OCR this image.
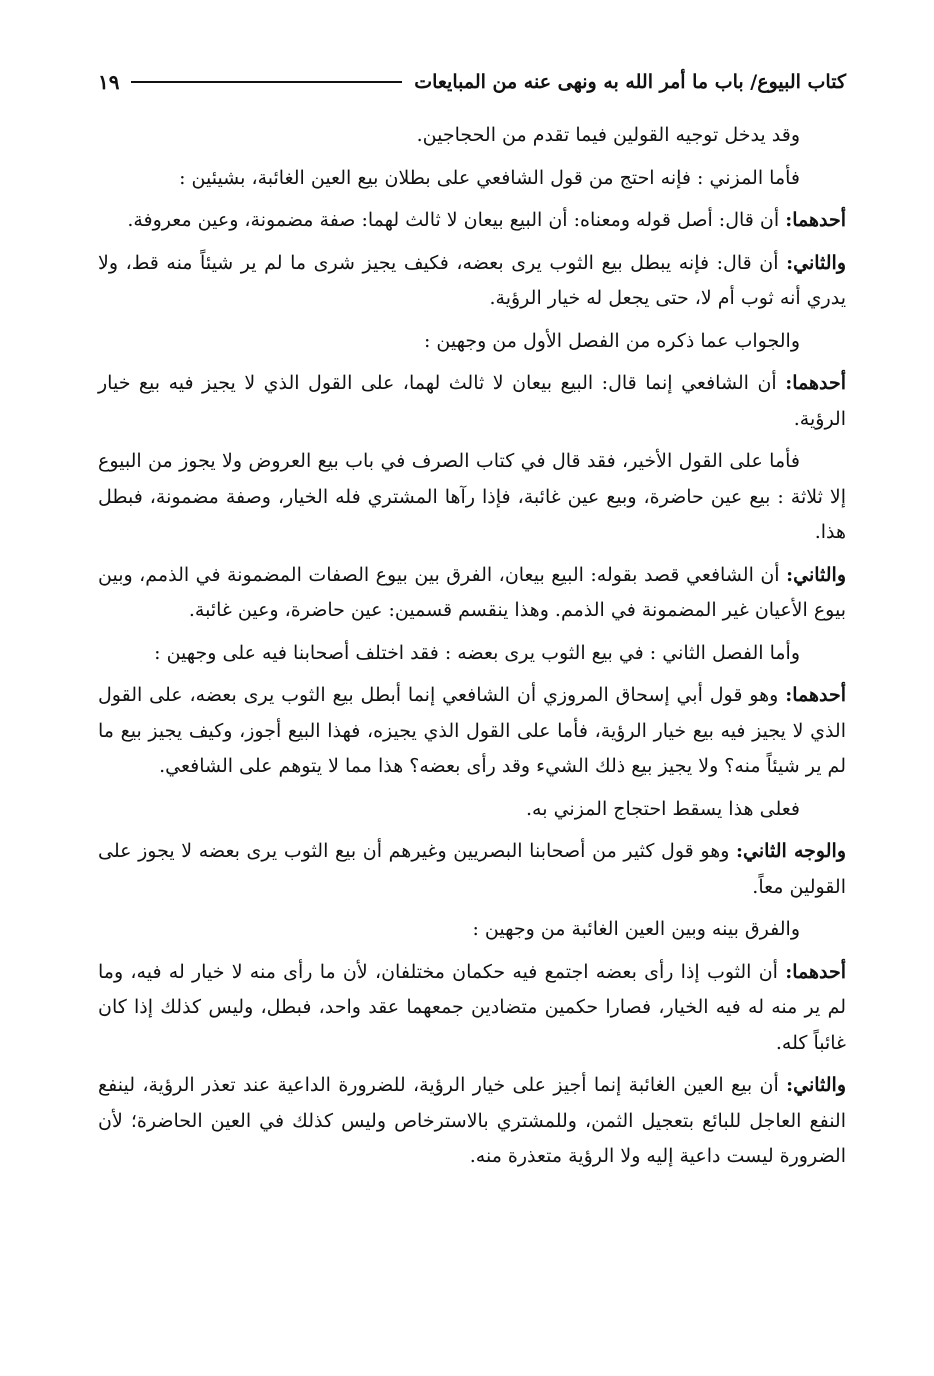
كتاب البيوع/ باب ما أمر الله به ونهى عنه من المبايعات
١٩

وقد يدخل توجيه القولين فيما تقدم من الحجاجين.

فأما المزني : فإنه احتج من قول الشافعي على بطلان بيع العين الغائبة، بشيئين :

أحدهما: أن قال: أصل قوله ومعناه: أن البيع بيعان لا ثالث لهما: صفة مضمونة، وعين معروفة.

والثاني: أن قال: فإنه يبطل بيع الثوب يرى بعضه، فكيف يجيز شرى ما لم ير شيئاً منه قط، ولا يدري أنه ثوب أم لا، حتى يجعل له خيار الرؤية.

والجواب عما ذكره من الفصل الأول من وجهين :

أحدهما: أن الشافعي إنما قال: البيع بيعان لا ثالث لهما، على القول الذي لا يجيز فيه بيع خيار الرؤية.

فأما على القول الأخير، فقد قال في كتاب الصرف في باب بيع العروض ولا يجوز من البيوع إلا ثلاثة : بيع عين حاضرة، وبيع عين غائبة، فإذا رآها المشتري فله الخيار، وصفة مضمونة، فبطل هذا.

والثاني: أن الشافعي قصد بقوله: البيع بيعان، الفرق بين بيوع الصفات المضمونة في الذمم، وبين بيوع الأعيان غير المضمونة في الذمم. وهذا ينقسم قسمين: عين حاضرة، وعين غائبة.

وأما الفصل الثاني : في بيع الثوب يرى بعضه : فقد اختلف أصحابنا فيه على وجهين :

أحدهما: وهو قول أبي إسحاق المروزي أن الشافعي إنما أبطل بيع الثوب يرى بعضه، على القول الذي لا يجيز فيه بيع خيار الرؤية، فأما على القول الذي يجيزه، فهذا البيع أجوز، وكيف يجيز بيع ما لم ير شيئاً منه؟ ولا يجيز بيع ذلك الشيء وقد رأى بعضه؟ هذا مما لا يتوهم على الشافعي.

فعلى هذا يسقط احتجاج المزني به.

والوجه الثاني: وهو قول كثير من أصحابنا البصريين وغيرهم أن بيع الثوب يرى بعضه لا يجوز على القولين معاً.

والفرق بينه وبين العين الغائبة من وجهين :

أحدهما: أن الثوب إذا رأى بعضه اجتمع فيه حكمان مختلفان، لأن ما رأى منه لا خيار له فيه، وما لم ير منه له فيه الخيار، فصارا حكمين متضادين جمعهما عقد واحد، فبطل، وليس كذلك إذا كان غائباً كله.

والثاني: أن بيع العين الغائبة إنما أجيز على خيار الرؤية، للضرورة الداعية عند تعذر الرؤية، لينفع النفع العاجل للبائع بتعجيل الثمن، وللمشتري بالاسترخاص وليس كذلك في العين الحاضرة؛ لأن الضرورة ليست داعية إليه ولا الرؤية متعذرة منه.
